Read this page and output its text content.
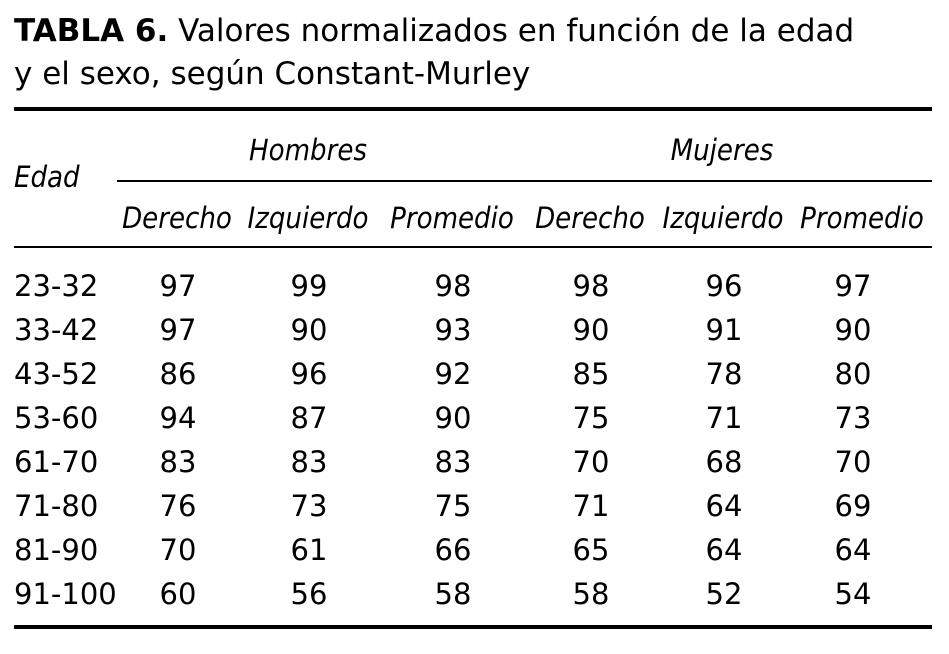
TABLA 6. Valores normalizados en función de la edad
y el sexo, según Constant-Murley
Edad
Hombres	Mujeres
Derecho Izquierdo Promedio Derecho Izquierdo Promedio
23-32	97	99	98	98	96	97
33-42	97	90	93	90	91	90
43-52	86	96	92	85	78	80
53-60	94	87	90	75	71	73
61-70	83	83	83	70	68	70
71-80	76	73	75	71	64	69
81-90	70	61	66	65	64	64
91-100	60	56	58	58	52	54
